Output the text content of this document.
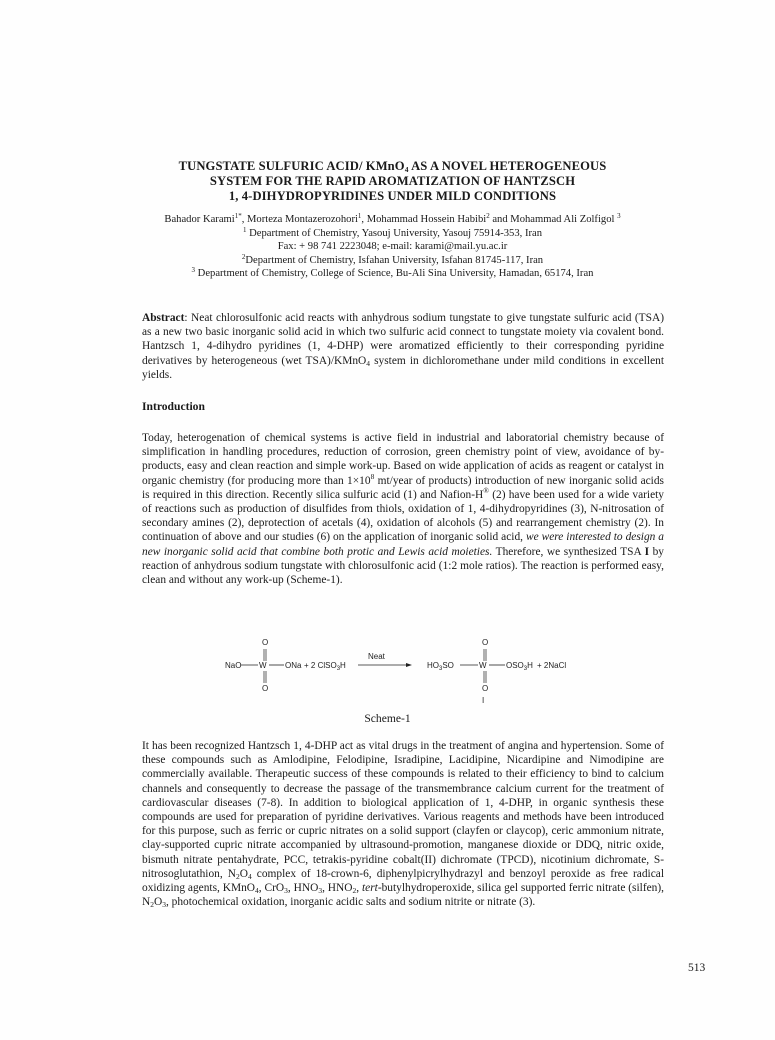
TUNGSTATE SULFURIC ACID/ KMnO$_4$ AS A NOVEL HETEROGENEOUS
SYSTEM FOR THE RAPID AROMATIZATION OF HANTZSCH
1, 4-DIHYDROPYRIDINES UNDER MILD CONDITIONS
Bahador Karami$^{1*}$, Morteza Montazerozohori$^1$, Mohammad Hossein Habibi$^2$ and Mohammad Ali Zolfigol $^3$
$^1$ Department of Chemistry, Yasouj University, Yasouj 75914-353, Iran
Fax: + 98 741 2223048; e-mail: karami@mail.yu.ac.ir
$^2$Department of Chemistry, Isfahan University, Isfahan 81745-117, Iran
$^3$ Department of Chemistry, College of Science, Bu-Ali Sina University, Hamadan, 65174, Iran
Abstract: Neat chlorosulfonic acid reacts with anhydrous sodium tungstate to give tungstate sulfuric acid (TSA) as a new two basic inorganic solid acid in which two sulfuric acid connect to tungstate moiety via covalent bond. Hantzsch 1, 4-dihydro pyridines (1, 4-DHP) were aromatized efficiently to their corresponding pyridine derivatives by heterogeneous (wet TSA)/KMnO$_4$ system in dichloromethane under mild conditions in excellent yields.
Introduction
Today, heterogenation of chemical systems is active field in industrial and laboratorial chemistry because of simplification in handling procedures, reduction of corrosion, green chemistry point of view, avoidance of by-products, easy and clean reaction and simple work-up. Based on wide application of acids as reagent or catalyst in organic chemistry (for producing more than $1\times 10^8$ mt/year of products) introduction of new inorganic solid acids is required in this direction. Recently silica sulfuric acid (1) and Nafion-H® (2) have been used for a wide variety of reactions such as production of disulfides from thiols, oxidation of 1, 4-dihydropyridines (3), N-nitrosation of secondary amines (2), deprotection of acetals (4), oxidation of alcohols (5) and rearrangement chemistry (2). In continuation of above and our studies (6) on the application of inorganic solid acid, we were interested to design a new inorganic solid acid that combine both protic and Lewis acid moieties. Therefore, we synthesized TSA I by reaction of anhydrous sodium tungstate with chlorosulfonic acid (1:2 mole ratios). The reaction is performed easy, clean and without any work-up (Scheme-1).
NaO W
O
O
ONa + 2 ClSO$_3$H
Neat
$HO_3SO$	W
O
O
I
$OSO_3H$ + 2NaCl
Scheme-1
It has been recognized Hantzsch 1, 4-DHP act as vital drugs in the treatment of angina and hypertension. Some of these compounds such as Amlodipine, Felodipine, Isradipine, Lacidipine, Nicardipine and Nimodipine are commercially available. Therapeutic success of these compounds is related to their efficiency to bind to calcium channels and consequently to decrease the passage of the transmembrance calcium current for the treatment of cardiovascular diseases (7-8). In addition to biological application of 1, 4-DHP, in organic synthesis these compounds are used for preparation of pyridine derivatives. Various reagents and methods have been introduced for this purpose, such as ferric or cupric nitrates on a solid support (clayfen or claycop), ceric ammonium nitrate, clay-supported cupric nitrate accompanied by ultrasound-promotion, manganese dioxide or DDQ, nitric oxide, bismuth nitrate pentahydrate, PCC, tetrakis-pyridine cobalt(II) dichromate (TPCD), nicotinium dichromate, S-nitrosoglutathion, $N_2O_4$ complex of 18-crown-6, diphenylpicrylhydrazyl and benzoyl peroxide as free radical oxidizing agents, KMnO$_4$, CrO$_3$, $HNO_3$, $HNO_2$, tert-butylhydroperoxide, silica gel supported ferric nitrate (silfen), $N_2O_3$, photochemical oxidation, inorganic acidic salts and sodium nitrite or nitrate (3).
513
